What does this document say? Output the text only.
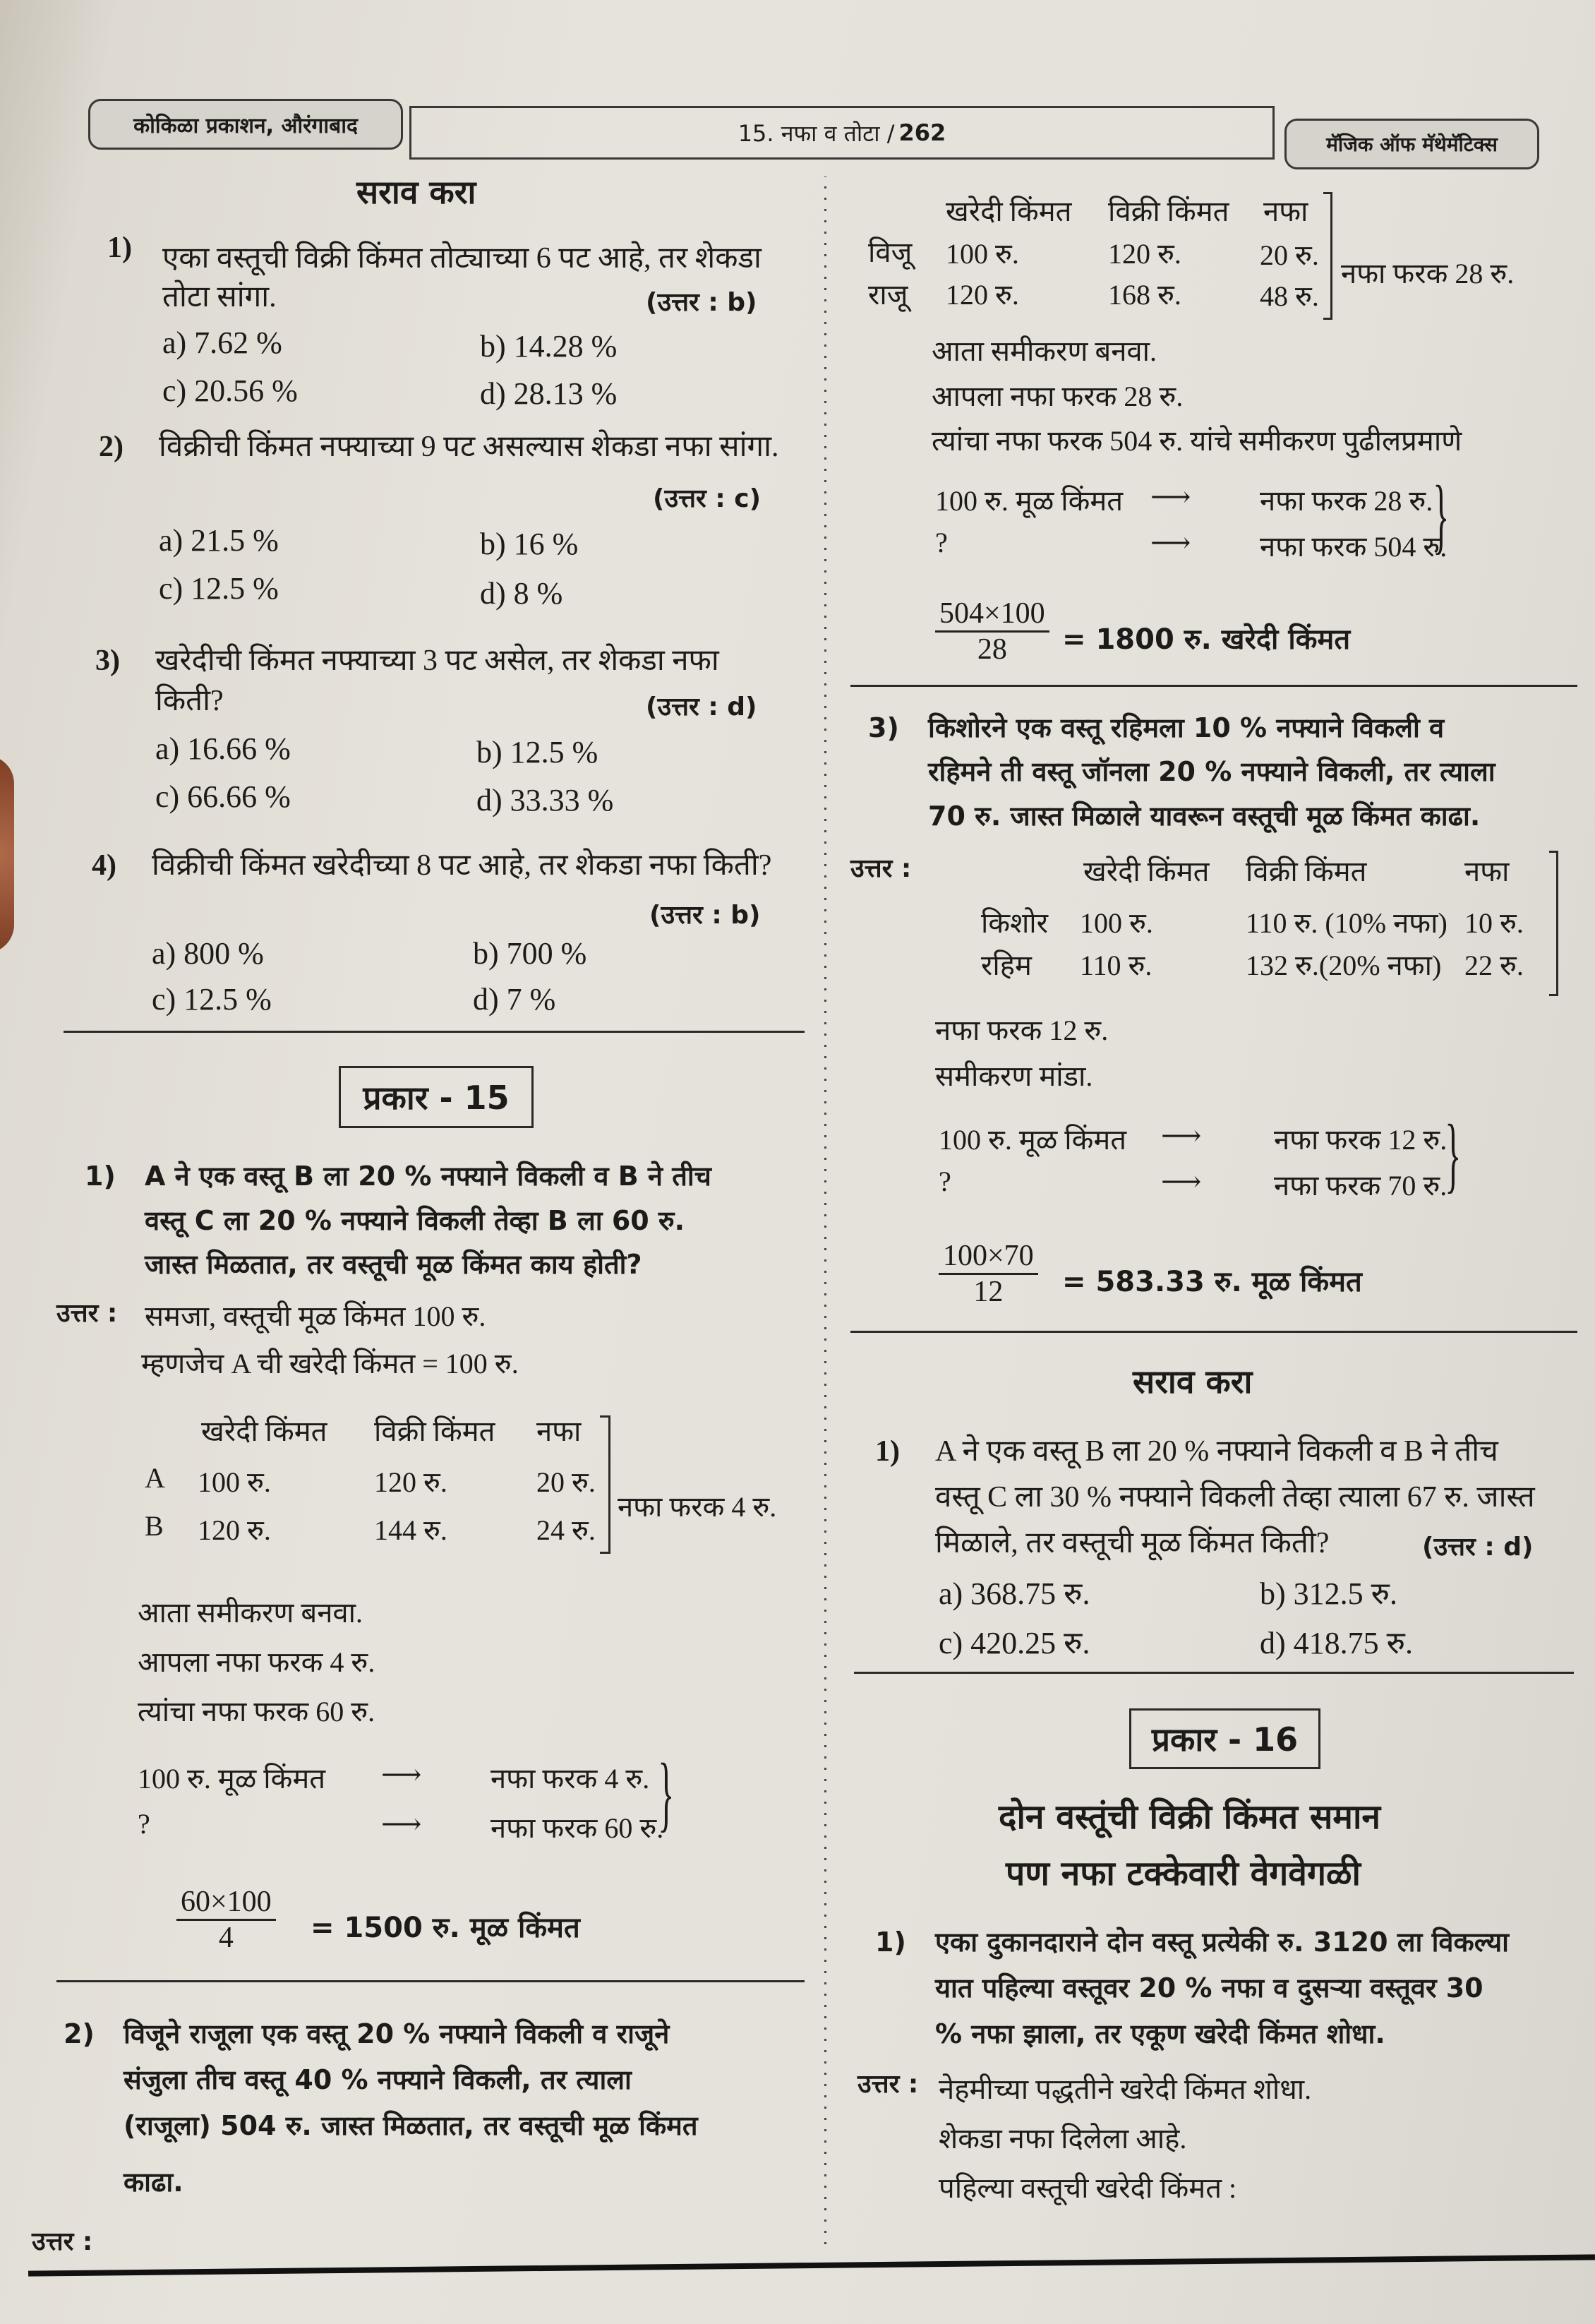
कोकिळा प्रकाशन, औरंगाबाद	15. नफा व तोटा / 262	मॅजिक ऑफ मॅथेमॅटिक्स
सराव करा
1) एका वस्तूची विक्री किंमत तोट्याच्या 6 पट आहे, तर शेकडा
तोटा सांगा.	(उत्तर : b)
a) 7.62 %	b) 14.28 %
c) 20.56 %	d) 28.13 %
2) विक्रीची किंमत नफ्याच्या 9 पट असल्यास शेकडा नफा सांगा.
(उत्तर : c)
a) 21.5 %	b) 16 %
c) 12.5 %	d) 8 %
3) खरेदीची किंमत नफ्याच्या 3 पट असेल, तर शेकडा नफा
किती?	(उत्तर : d)
a) 16.66 %	b) 12.5 %
c) 66.66 %	d) 33.33 %
4) विक्रीची किंमत खरेदीच्या 8 पट आहे, तर शेकडा नफा किती?
(उत्तर : b)
a) 800 %	b) 700 %
c) 12.5 %	d) 7 %
प्रकार - 15
1) A ने एक वस्तू B ला 20 % नफ्याने विकली व B ने तीच
वस्तू C ला 20 % नफ्याने विकली तेव्हा B ला 60 रु.
जास्त मिळतात, तर वस्तूची मूळ किंमत काय होती?
उत्तर : समजा, वस्तूची मूळ किंमत 100 रु.
म्हणजेच A ची खरेदी किंमत = 100 रु.
खरेदी किंमत विक्री किंमत नफा
A 100 रु.	120 रु.	20 रु.
B 120 रु.	144 रु.	24 रु.
नफा फरक 4 रु.
आता समीकरण बनवा.
आपला नफा फरक 4 रु.
त्यांचा नफा फरक 60 रु.
100 रु. मूळ किंमत ⟶ नफा फरक 4 रु.
?	⟶ नफा फरक 60 रु.
}
$\frac{60\times 100}{4} = 1500$ रु. मूळ किंमत
2) विजूने राजूला एक वस्तू 20 % नफ्याने विकली व राजूने
संजुला तीच वस्तू 40 % नफ्याने विकली, तर त्याला
(राजूला) 504 रु. जास्त मिळतात, तर वस्तूची मूळ किंमत
काढा.
उत्तर :
खरेदी किंमत विक्री किंमत नफा
विजू 100 रु.	120 रु.	20 रु.
राजू 120 रु.	168 रु.	48 रु.
नफा फरक 28 रु.
आता समीकरण बनवा.
आपला नफा फरक 28 रु.
त्यांचा नफा फरक 504 रु. यांचे समीकरण पुढीलप्रमाणे
100 रु. मूळ किंमत ⟶ नफा फरक 28 रु.
?	⟶ नफा फरक 504 रु.
}
$\frac{504\times 100}{28} = 1800$ रु. खरेदी किंमत
3) किशोरने एक वस्तू रहिमला 10 % नफ्याने विकली व
रहिमने ती वस्तू जॉनला 20 % नफ्याने विकली, तर त्याला
70 रु. जास्त मिळाले यावरून वस्तूची मूळ किंमत काढा.
उत्तर :	खरेदी किंमत विक्री किंमत	नफा
किशोर 100 रु.	110 रु. (10% नफा) 10 रु.
रहिम 110 रु.	132 रु.(20% नफा) 22 रु.
नफा फरक 12 रु.
समीकरण मांडा.
100 रु. मूळ किंमत ⟶	नफा फरक 12 रु.
?	⟶	नफा फरक 70 रु.
}
$\frac{100\times 70}{12} = 583.33$ रु. मूळ किंमत
सराव करा
1) A ने एक वस्तू B ला 20 % नफ्याने विकली व B ने तीच
वस्तू C ला 30 % नफ्याने विकली तेव्हा त्याला 67 रु. जास्त
मिळाले, तर वस्तूची मूळ किंमत किती?	(उत्तर : d)
a) 368.75 रु.	b) 312.5 रु.
c) 420.25 रु.	d) 418.75 रु.
प्रकार - 16
दोन वस्तूंची विक्री किंमत समान
पण नफा टक्केवारी वेगवेगळी
1) एका दुकानदाराने दोन वस्तू प्रत्येकी रु. 3120 ला विकल्या
यात पहिल्या वस्तूवर 20 % नफा व दुसऱ्या वस्तूवर 30
% नफा झाला, तर एकूण खरेदी किंमत शोधा.
उत्तर : नेहमीच्या पद्धतीने खरेदी किंमत शोधा.
शेकडा नफा दिलेला आहे.
पहिल्या वस्तूची खरेदी किंमत :
